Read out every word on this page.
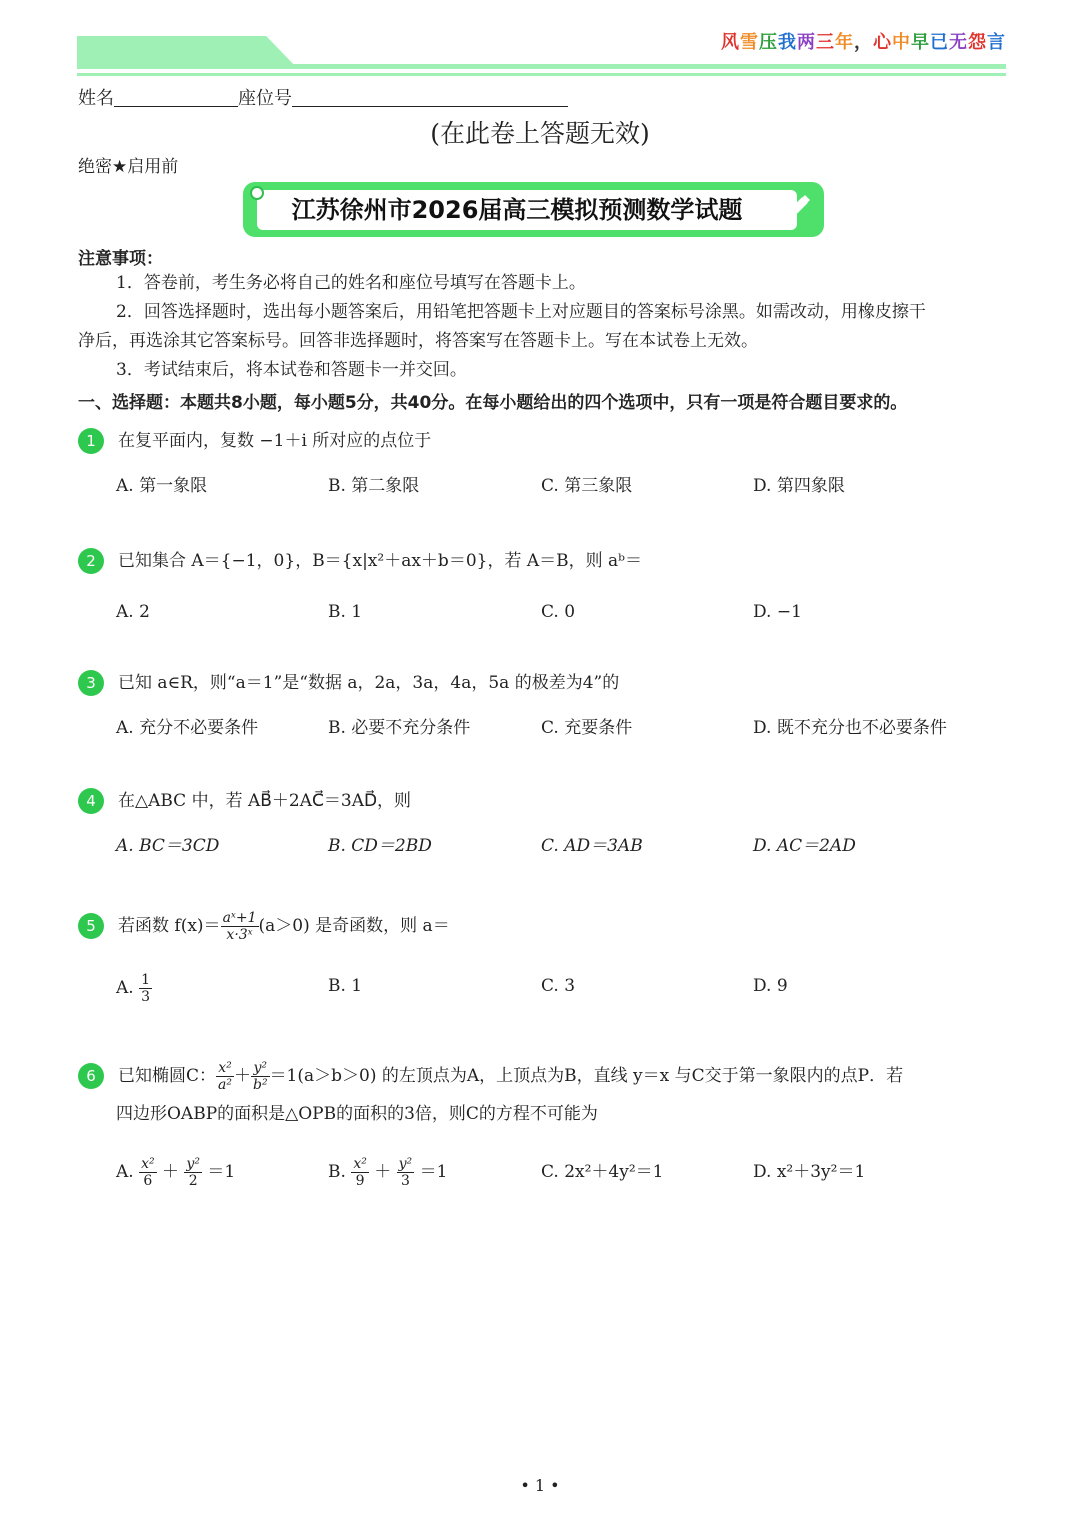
风雪压我两三年，心中早已无怨言
姓名	座位号
(在此卷上答题无效)
绝密★启用前
江苏徐州市2026届高三模拟预测数学试题
注意事项：
1．答卷前，考生务必将自己的姓名和座位号填写在答题卡上。
2．回答选择题时，选出每小题答案后，用铅笔把答题卡上对应题目的答案标号涂黑。如需改动，用橡皮擦干
净后，再选涂其它答案标号。回答非选择题时，将答案写在答题卡上。写在本试卷上无效。
3．考试结束后，将本试卷和答题卡一并交回。
一、选择题：本题共8小题，每小题5分，共40分。在每小题给出的四个选项中，只有一项是符合题目要求的。
1	在复平面内，复数 −1＋i 所对应的点位于
A. 第一象限	B. 第二象限	C. 第三象限	D. 第四象限
2	已知集合 A＝{−1，0}，B＝{x|x²＋ax＋b＝0}，若 A＝B，则 aᵇ＝
A. 2	B. 1	C. 0	D. −1
3	已知 a∈R，则“a＝1”是“数据 a，2a，3a，4a，5a 的极差为4”的
A. 充分不必要条件	B. 必要不充分条件	C. 充要条件	D. 既不充分也不必要条件
4	在△ABC 中，若 AB⃗＋2AC⃗＝3AD⃗，则
A. BC＝3CD	B. CD＝2BD	C. AD＝3AB	D. AC＝2AD
5	若函数 $f(x)= \frac{\text{aˣ+1}}{\text{x·3ˣ}} (a>0)$ 是奇函数，则 a＝
A. $\frac{1}{3}$	B. 1	C. 3	D. 9
6	已知椭圆C： $\frac{\text{x²}}{\text{a²}} + \frac{\text{y²}}{\text{b²}} =1(a>b>0)$ 的左顶点为A，上顶点为B，直线 y＝x 与C交于第一象限内的点P．若
四边形OABP的面积是△OPB的面积的3倍，则C的方程不可能为
A. $\frac{\text{x²}}{6} + \frac{\text{y²}}{2} =1$	B. $\frac{\text{x²}}{9} + \frac{\text{y²}}{3} =1$	C. 2x²＋4y²＝1	D. x²＋3y²＝1
• 1 •
